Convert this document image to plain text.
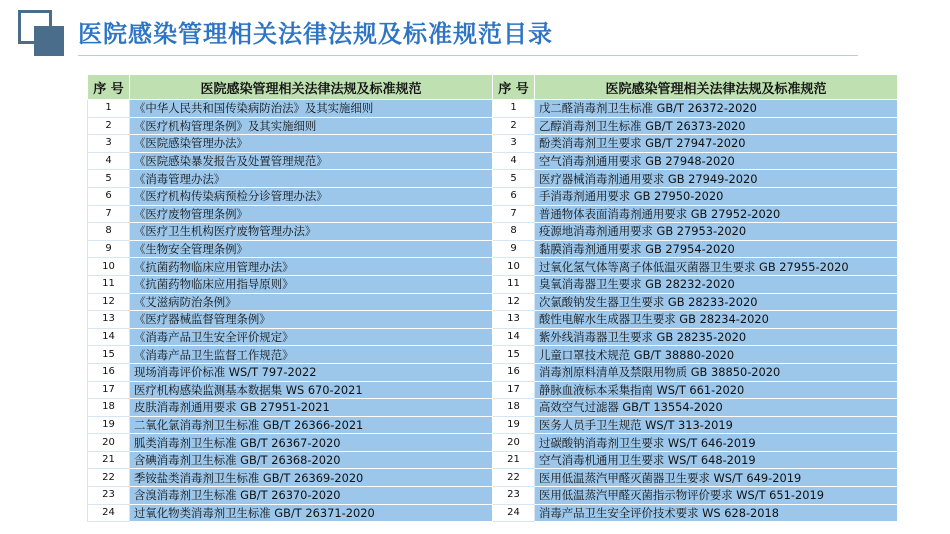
医院感染管理相关法律法规及标准规范目录
序 号	医院感染管理相关法律法规及标准规范	序 号	医院感染管理相关法律法规及标准规范
1	《中华人民共和国传染病防治法》及其实施细则	1	戊二醛消毒剂卫生标准 GB/T 26372-2020
2	《医疗机构管理条例》及其实施细则	2	乙醇消毒剂卫生标准 GB/T 26373-2020
3	《医院感染管理办法》	3	酚类消毒剂卫生要求 GB/T 27947-2020
4	《医院感染暴发报告及处置管理规范》	4	空气消毒剂通用要求 GB 27948-2020
5	《消毒管理办法》	5	医疗器械消毒剂通用要求 GB 27949-2020
6	《医疗机构传染病预检分诊管理办法》	6	手消毒剂通用要求 GB 27950-2020
7	《医疗废物管理条例》	7	普通物体表面消毒剂通用要求 GB 27952-2020
8	《医疗卫生机构医疗废物管理办法》	8	疫源地消毒剂通用要求 GB 27953-2020
9	《生物安全管理条例》	9	黏膜消毒剂通用要求 GB 27954-2020
10	《抗菌药物临床应用管理办法》	10	过氧化氢气体等离子体低温灭菌器卫生要求 GB 27955-2020
11	《抗菌药物临床应用指导原则》	11	臭氧消毒器卫生要求 GB 28232-2020
12	《艾滋病防治条例》	12	次氯酸钠发生器卫生要求 GB 28233-2020
13	《医疗器械监督管理条例》	13	酸性电解水生成器卫生要求 GB 28234-2020
14	《消毒产品卫生安全评价规定》	14	紫外线消毒器卫生要求 GB 28235-2020
15	《消毒产品卫生监督工作规范》	15	儿童口罩技术规范 GB/T 38880-2020
16	现场消毒评价标准 WS/T 797-2022	16	消毒剂原料清单及禁限用物质 GB 38850-2020
17	医疗机构感染监测基本数据集 WS 670-2021	17	静脉血液标本采集指南 WS/T 661-2020
18	皮肤消毒剂通用要求 GB 27951-2021	18	高效空气过滤器 GB/T 13554-2020
19	二氧化氯消毒剂卫生标准 GB/T 26366-2021	19	医务人员手卫生规范 WS/T 313-2019
20	胍类消毒剂卫生标准 GB/T 26367-2020	20	过碳酸钠消毒剂卫生要求 WS/T 646-2019
21	含碘消毒剂卫生标准 GB/T 26368-2020	21	空气消毒机通用卫生要求 WS/T 648-2019
22	季铵盐类消毒剂卫生标准 GB/T 26369-2020	22	医用低温蒸汽甲醛灭菌器卫生要求 WS/T 649-2019
23	含溴消毒剂卫生标准 GB/T 26370-2020	23	医用低温蒸汽甲醛灭菌指示物评价要求 WS/T 651-2019
24	过氧化物类消毒剂卫生标准 GB/T 26371-2020	24	消毒产品卫生安全评价技术要求 WS 628-2018
